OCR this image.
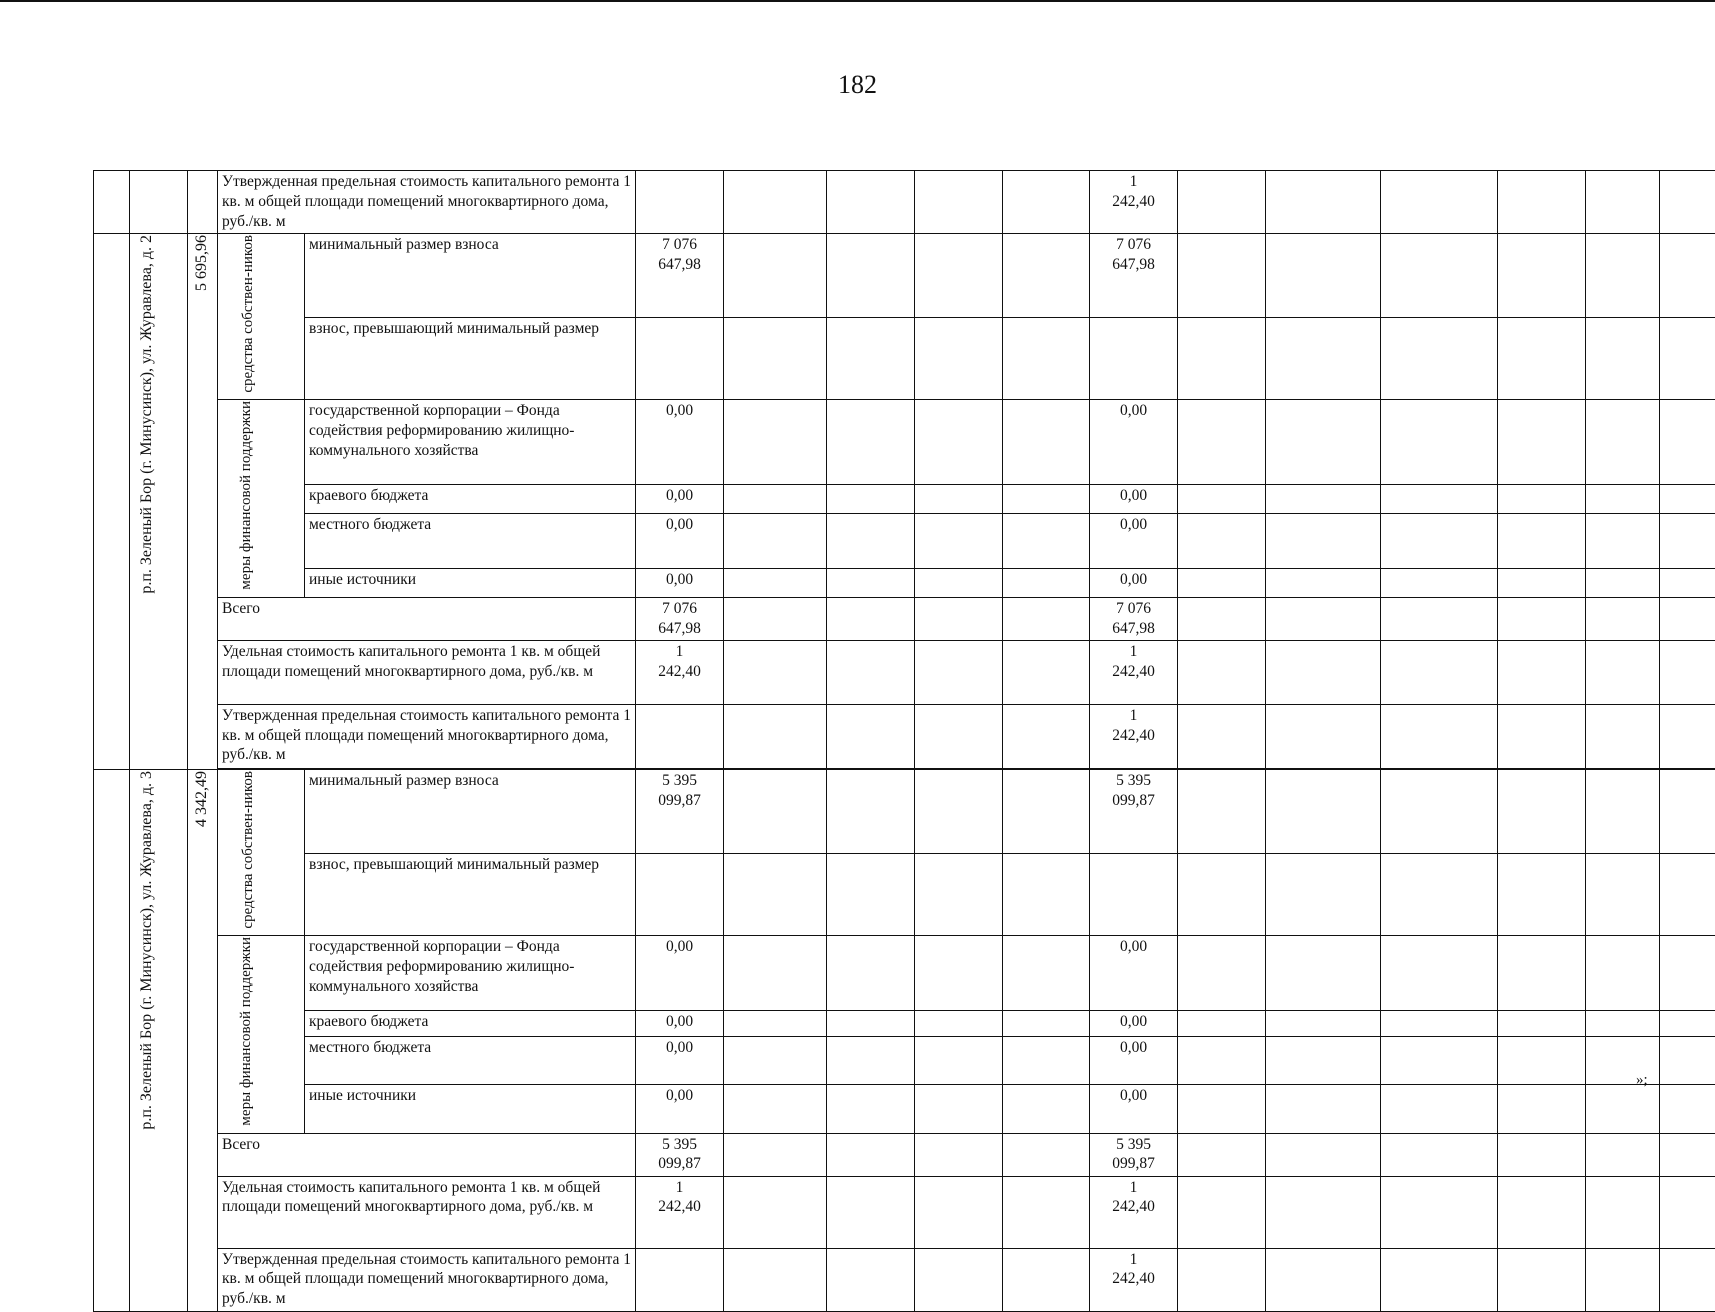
182
			Утвержденная предельная стоимость капитального ремонта 1 кв. м общей площади помещений многоквартирного дома, руб./кв. м							1
242,40						

	р.п. Зеленый Бор (г. Минусинск), ул. Журавлева, д. 2	5 695,96	средства собствен-ников	минимальный размер взноса	7 076
647,98					7 076
647,98						

				взнос, превышающий минимальный размер												
			меры финансовой поддержки	государственной корпорации – Фонда содействия реформированию жилищно-коммунального хозяйства	0,00					0,00						
				краевого бюджета	0,00					0,00						
				местного бюджета	0,00					0,00						
				иные источники	0,00					0,00						
			Всего		7 076
647,98					7 076
647,98						

			Удельная стоимость капитального ремонта 1 кв. м общей площади помещений многоквартирного дома, руб./кв. м		1
242,40					1
242,40						

			Утвержденная предельная стоимость капитального ремонта 1 кв. м общей площади помещений многоквартирного дома, руб./кв. м							1
242,40						

	р.п. Зеленый Бор (г. Минусинск), ул. Журавлева, д. 3	4 342,49	средства собствен-ников	минимальный размер взноса	5 395
099,87					5 395
099,87						

				взнос, превышающий минимальный размер												
			меры финансовой поддержки	государственной корпорации – Фонда содействия реформированию жилищно-коммунального хозяйства	0,00					0,00						
				краевого бюджета	0,00					0,00						
				местного бюджета	0,00					0,00						
				иные источники	0,00					0,00						
			Всего		5 395
099,87					5 395
099,87						

			Удельная стоимость капитального ремонта 1 кв. м общей площади помещений многоквартирного дома, руб./кв. м		1
242,40					1
242,40						

			Утвержденная предельная стоимость капитального ремонта 1 кв. м общей площади помещений многоквартирного дома, руб./кв. м							1
242,40						

»;
